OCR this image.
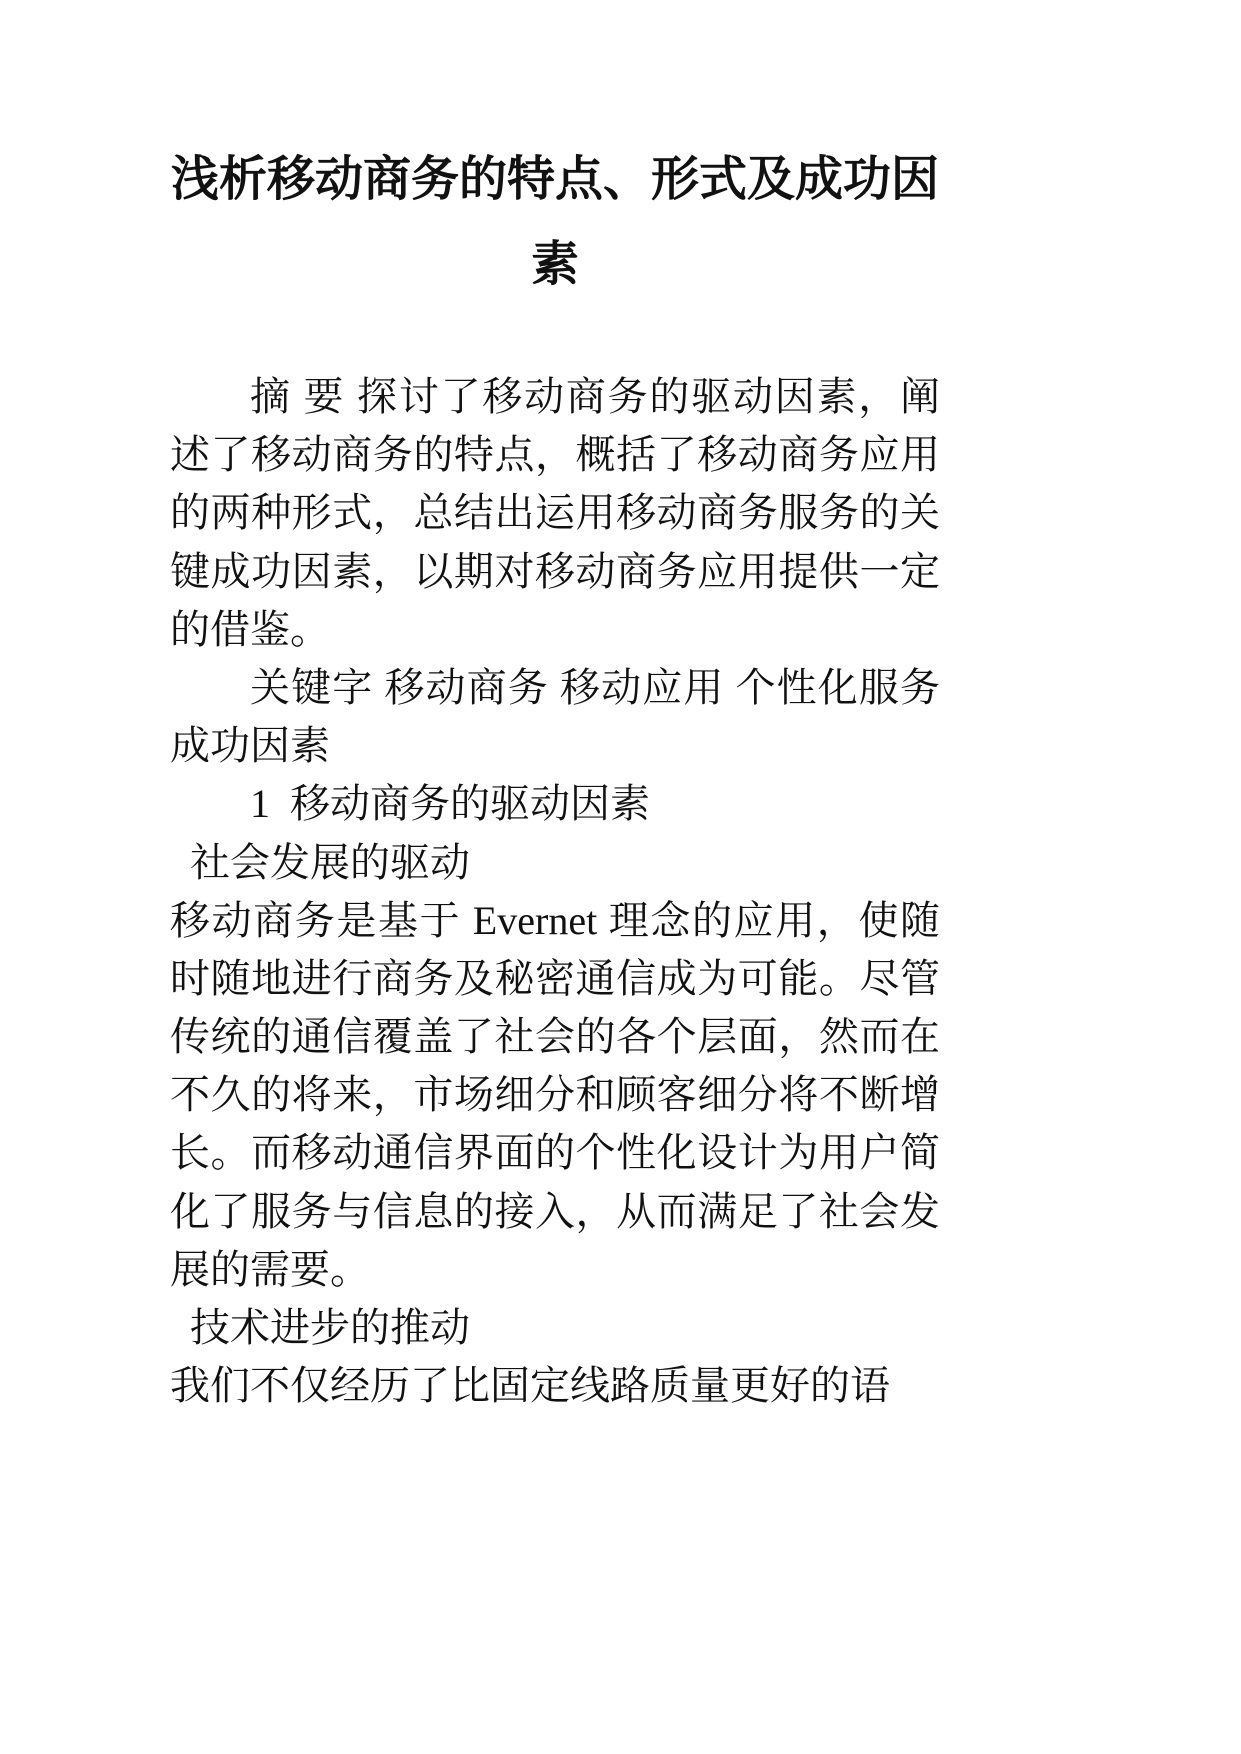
浅析移动商务的特点、形式及成功因
素
摘 要 探讨了移动商务的驱动因素，阐
述了移动商务的特点，概括了移动商务应用
的两种形式，总结出运用移动商务服务的关
键成功因素，以期对移动商务应用提供一定
的借鉴。
关键字 移动商务 移动应用 个性化服务
成功因素
1 移动商务的驱动因素
社会发展的驱动
移动商务是基于 Evernet 理念的应用，使随
时随地进行商务及秘密通信成为可能。尽管
传统的通信覆盖了社会的各个层面，然而在
不久的将来，市场细分和顾客细分将不断增
长。而移动通信界面的个性化设计为用户简
化了服务与信息的接入，从而满足了社会发
展的需要。
技术进步的推动
我们不仅经历了比固定线路质量更好的语
